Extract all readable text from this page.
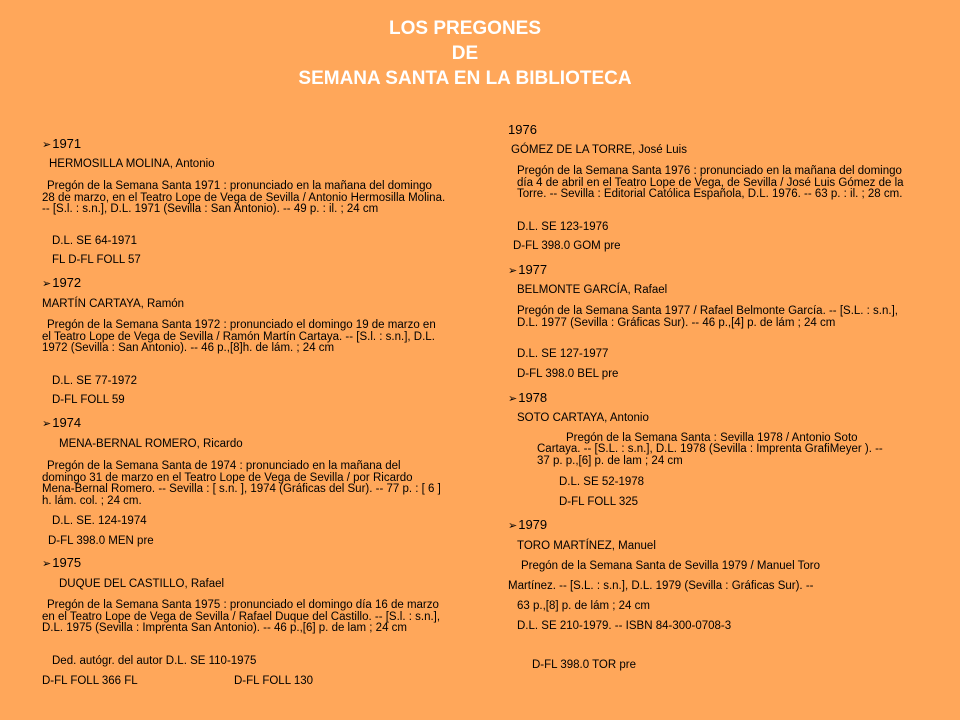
LOS PREGONES
DE
SEMANA SANTA EN LA BIBLIOTECA
➢1971
HERMOSILLA MOLINA, Antonio
Pregón de la Semana Santa 1971 : pronunciado en la mañana del domingo 28 de marzo, en el Teatro Lope de Vega de Sevilla / Antonio Hermosilla Molina. -- [S.l. : s.n.], D.L. 1971 (Sevilla : San Antonio). -- 49 p. : il. ; 24 cm
D.L. SE 64-1971
FL D-FL FOLL 57
➢1972
MARTÍN CARTAYA, Ramón
Pregón de la Semana Santa 1972 : pronunciado el domingo 19 de marzo en el Teatro Lope de Vega de Sevilla / Ramón Martín Cartaya. -- [S.l. : s.n.], D.L. 1972 (Sevilla : San Antonio). -- 46 p.,[8]h. de lám. ; 24 cm
D.L. SE 77-1972
D-FL FOLL 59
➢1974
MENA-BERNAL ROMERO, Ricardo
Pregón de la Semana Santa de 1974 : pronunciado en la mañana del domingo 31 de marzo en el Teatro Lope de Vega de Sevilla / por Ricardo Mena-Bernal Romero. -- Sevilla : [ s.n. ], 1974 (Gráficas del Sur). -- 77 p. : [ 6 ] h. lám. col. ; 24 cm.
D.L. SE. 124-1974
D-FL 398.0 MEN pre
➢1975
DUQUE DEL CASTILLO, Rafael
Pregón de la Semana Santa 1975 : pronunciado el domingo día 16 de marzo en el Teatro Lope de Vega de Sevilla / Rafael Duque del Castillo. -- [S.l. : s.n.], D.L. 1975 (Sevilla : Imprenta San Antonio). -- 46 p.,[6] p. de lam ; 24 cm
Ded. autógr. del autor D.L. SE 110-1975
D-FL FOLL 366 FL	D-FL FOLL 130
1976
GÓMEZ DE LA TORRE, José Luis
Pregón de la Semana Santa 1976 : pronunciado en la mañana del domingo día 4 de abril en el Teatro Lope de Vega, de Sevilla / José Luis Gómez de la Torre. -- Sevilla : Editorial Católica Española, D.L. 1976. -- 63 p. : il. ; 28 cm.
D.L. SE 123-1976
D-FL 398.0 GOM pre
➢1977
BELMONTE GARCÍA, Rafael
Pregón de la Semana Santa 1977 / Rafael Belmonte García. -- [S.L. : s.n.], D.L. 1977 (Sevilla : Gráficas Sur). -- 46 p.,[4] p. de lám ; 24 cm
D.L. SE 127-1977
D-FL 398.0 BEL pre
➢1978
SOTO CARTAYA, Antonio
Pregón de la Semana Santa : Sevilla 1978 / Antonio Soto
Cartaya. -- [S.L. : s.n.], D.L. 1978 (Sevilla : Imprenta GrafiMeyer ). -- 37 p. p.,[6] p. de lam ; 24 cm
D.L. SE 52-1978
D-FL FOLL 325
➢1979
TORO MARTÍNEZ, Manuel
Pregón de la Semana Santa de Sevilla 1979 / Manuel Toro
Martínez. -- [S.L. : s.n.], D.L. 1979 (Sevilla : Gráficas Sur). --
63 p.,[8] p. de lám ; 24 cm
D.L. SE 210-1979. -- ISBN 84-300-0708-3
D-FL 398.0 TOR pre
